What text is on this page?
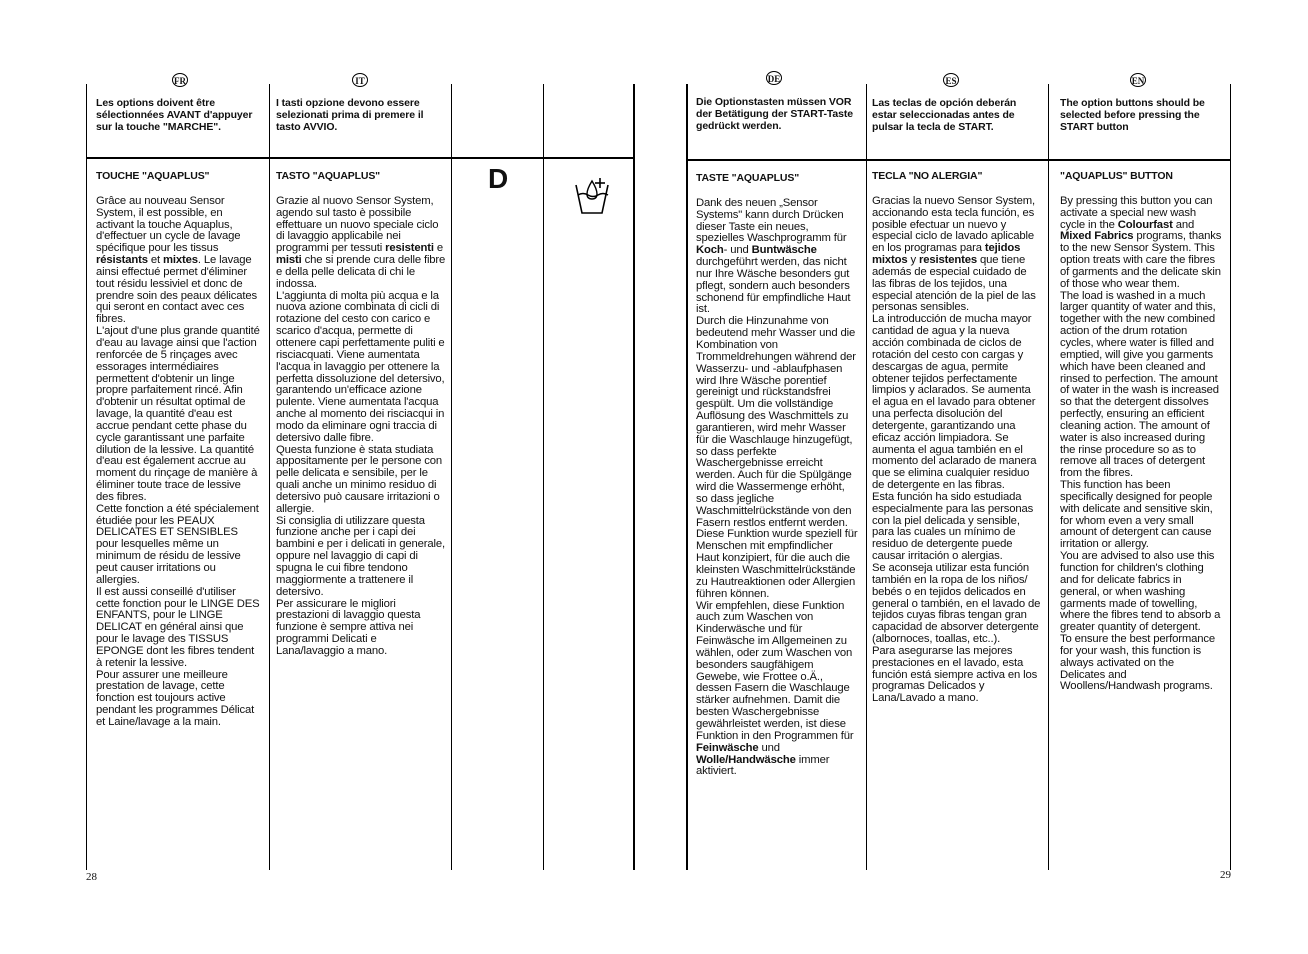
FR	IT
Les options doivent être sélectionnées AVANT d'appuyer sur la touche "MARCHE".
I tasti opzione devono essere selezionati prima di premere il tasto AVVIO.
D
TOUCHE "AQUAPLUS"
Grâce au nouveau Sensor System, il est possible, en activant la touche Aquaplus, d'effectuer un cycle de lavage spécifique pour les tissus résistants et mixtes. Le lavage ainsi effectué permet d'éliminer tout résidu lessiviel et donc de prendre soin des peaux délicates qui seront en contact avec ces fibres.
L'ajout d'une plus grande quantité d'eau au lavage ainsi que l'action renforcée de 5 rinçages avec essorages intermédiaires permettent d'obtenir un linge propre parfaitement rincé. Afin d'obtenir un résultat optimal de lavage, la quantité d'eau est accrue pendant cette phase du cycle garantissant une parfaite dilution de la lessive. La quantité d'eau est également accrue au moment du rinçage de manière à éliminer toute trace de lessive des fibres.
Cette fonction a été spécialement étudiée pour les PEAUX DELICATES ET SENSIBLES pour lesquelles même un minimum de résidu de lessive peut causer irritations ou allergies.
Il est aussi conseillé d'utiliser cette fonction pour le LINGE DES ENFANTS, pour le LINGE DELICAT en général ainsi que pour le lavage des TISSUS EPONGE dont les fibres tendent à retenir la lessive.
Pour assurer une meilleure prestation de lavage, cette fonction est toujours active pendant les programmes Délicat et Laine/lavage a la main.
TASTO "AQUAPLUS"
Grazie al nuovo Sensor System, agendo sul tasto è possibile effettuare un nuovo speciale ciclo di lavaggio applicabile nei programmi per tessuti resistenti e misti che si prende cura delle fibre e della pelle delicata di chi le indossa.
L'aggiunta di molta più acqua e la nuova azione combinata di cicli di rotazione del cesto con carico e scarico d'acqua, permette di ottenere capi perfettamente puliti e risciacquati. Viene aumentata l'acqua in lavaggio per ottenere la perfetta dissoluzione del detersivo, garantendo un'efficace azione pulente. Viene aumentata l'acqua anche al momento dei risciacqui in modo da eliminare ogni traccia di detersivo dalle fibre.
Questa funzione è stata studiata appositamente per le persone con pelle delicata e sensibile, per le quali anche un minimo residuo di detersivo può causare irritazioni o allergie.
Si consiglia di utilizzare questa funzione anche per i capi dei bambini e per i delicati in generale, oppure nel lavaggio di capi di spugna le cui fibre tendono maggiormente a trattenere il detersivo.
Per assicurare le migliori prestazioni di lavaggio questa funzione è sempre attiva nei programmi Delicati e Lana/lavaggio a mano.
28
DE	ES	EN
Die Optionstasten müssen VOR der Betätigung der START-Taste gedrückt werden.
Las teclas de opción deberán estar seleccionadas antes de pulsar la tecla de START.
The option buttons should be selected before pressing the START button
TASTE "AQUAPLUS"
Dank des neuen „Sensor Systems" kann durch Drücken dieser Taste ein neues, spezielles Waschprogramm für Koch- und Buntwäsche durchgeführt werden, das nicht nur Ihre Wäsche besonders gut pflegt, sondern auch besonders schonend für empfindliche Haut ist.
Durch die Hinzunahme von bedeutend mehr Wasser und die Kombination von Trommeldrehungen während der Wasserzu- und -ablaufphasen wird Ihre Wäsche porentief gereinigt und rückstandsfrei gespült. Um die vollständige Auflösung des Waschmittels zu garantieren, wird mehr Wasser für die Waschlauge hinzugefügt, so dass perfekte Waschergebnisse erreicht werden. Auch für die Spülgänge wird die Wassermenge erhöht, so dass jegliche Waschmittelrückstände von den Fasern restlos entfernt werden.
Diese Funktion wurde speziell für Menschen mit empfindlicher Haut konzipiert, für die auch die kleinsten Waschmittelrückstände zu Hautreaktionen oder Allergien führen können.
Wir empfehlen, diese Funktion auch zum Waschen von Kinderwäsche und für Feinwäsche im Allgemeinen zu wählen, oder zum Waschen von besonders saugfähigem Gewebe, wie Frottee o.Ä., dessen Fasern die Waschlauge stärker aufnehmen. Damit die besten Waschergebnisse gewährleistet werden, ist diese Funktion in den Programmen für Feinwäsche und Wolle/Handwäsche immer aktiviert.
TECLA "NO ALERGIA"
Gracias la nuevo Sensor System, accionando esta tecla función, es posible efectuar un nuevo y especial ciclo de lavado aplicable en los programas para tejidos mixtos y resistentes que tiene además de especial cuidado de las fibras de los tejidos, una especial atención de la piel de las personas sensibles.
La introducción de mucha mayor cantidad de agua y la nueva acción combinada de ciclos de rotación del cesto con cargas y descargas de agua, permite obtener tejidos perfectamente limpios y aclarados. Se aumenta el agua en el lavado para obtener una perfecta disolución del detergente, garantizando una eficaz acción limpiadora. Se aumenta el agua también en el momento del aclarado de manera que se elimina cualquier residuo de detergente en las fibras.
Esta función ha sido estudiada especialmente para las personas con la piel delicada y sensible, para las cuales un mínimo de residuo de detergente puede causar irritación o alergias.
Se aconseja utilizar esta función también en la ropa de los niños/ bebés o en tejidos delicados en general o también, en el lavado de tejidos cuyas fibras tengan gran capacidad de absorver detergente (albornoces, toallas, etc..).
Para asegurarse las mejores prestaciones en el lavado, esta función está siempre activa en los programas Delicados y Lana/Lavado a mano.
"AQUAPLUS" BUTTON
By pressing this button you can activate a special new wash cycle in the Colourfast and Mixed Fabrics programs, thanks to the new Sensor System. This option treats with care the fibres of garments and the delicate skin of those who wear them.
The load is washed in a much larger quantity of water and this, together with the new combined action of the drum rotation cycles, where water is filled and emptied, will give you garments which have been cleaned and rinsed to perfection. The amount of water in the wash is increased so that the detergent dissolves perfectly, ensuring an efficient cleaning action. The amount of water is also increased during the rinse procedure so as to remove all traces of detergent from the fibres.
This function has been specifically designed for people with delicate and sensitive skin, for whom even a very small amount of detergent can cause irritation or allergy.
You are advised to also use this function for children's clothing and for delicate fabrics in general, or when washing garments made of towelling, where the fibres tend to absorb a greater quantity of detergent.
To ensure the best performance for your wash, this function is always activated on the Delicates and Woollens/Handwash programs.
29
